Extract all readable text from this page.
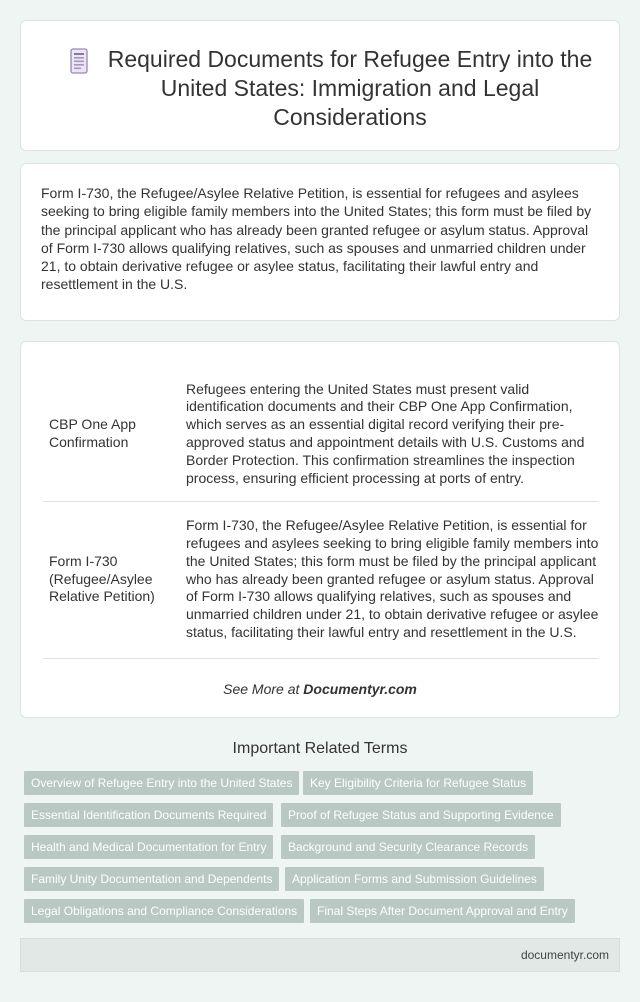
Required Documents for Refugee Entry into the United States: Immigration and Legal Considerations

Form I-730, the Refugee/Asylee Relative Petition, is essential for refugees and asylees seeking to bring eligible family members into the United States; this form must be filed by the principal applicant who has already been granted refugee or asylum status. Approval of Form I-730 allows qualifying relatives, such as spouses and unmarried children under 21, to obtain derivative refugee or asylee status, facilitating their lawful entry and resettlement in the U.S.

CBP One App Confirmation	Refugees entering the United States must present valid identification documents and their CBP One App Confirmation, which serves as an essential digital record verifying their pre-approved status and appointment details with U.S. Customs and Border Protection. This confirmation streamlines the inspection process, ensuring efficient processing at ports of entry.
Form I-730 (Refugee/Asylee Relative Petition)	Form I-730, the Refugee/Asylee Relative Petition, is essential for refugees and asylees seeking to bring eligible family members into the United States; this form must be filed by the principal applicant who has already been granted refugee or asylum status. Approval of Form I-730 allows qualifying relatives, such as spouses and unmarried children under 21, to obtain derivative refugee or asylee status, facilitating their lawful entry and resettlement in the U.S.
See More at Documentyr.com
Important Related Terms
Overview of Refugee Entry into the United States	Key Eligibility Criteria for Refugee Status
Essential Identification Documents Required	Proof of Refugee Status and Supporting Evidence
Health and Medical Documentation for Entry	Background and Security Clearance Records
Family Unity Documentation and Dependents	Application Forms and Submission Guidelines
Legal Obligations and Compliance Considerations	Final Steps After Document Approval and Entry
documentyr.com
